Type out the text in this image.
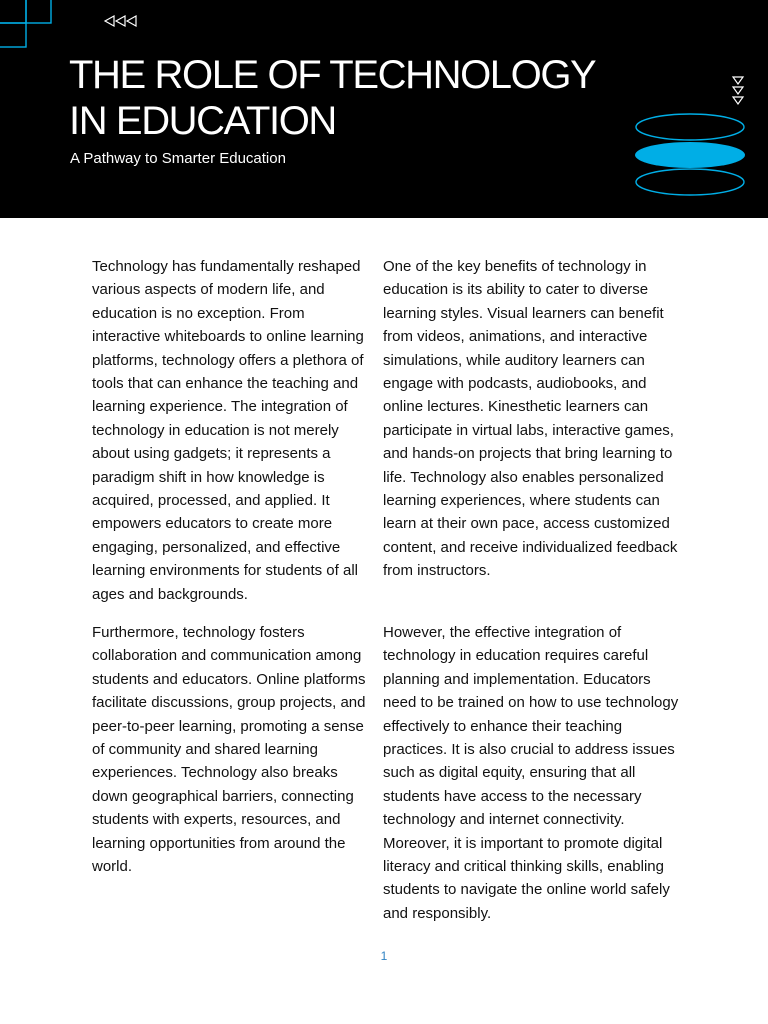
THE ROLE OF TECHNOLOGY
IN EDUCATION

A Pathway to Smarter Education

Technology has fundamentally reshaped various aspects of modern life, and education is no exception. From interactive whiteboards to online learning platforms, technology offers a plethora of tools that can enhance the teaching and learning experience. The integration of technology in education is not merely about using gadgets; it represents a paradigm shift in how knowledge is acquired, processed, and applied. It empowers educators to create more engaging, personalized, and effective learning environments for students of all ages and backgrounds.

One of the key benefits of technology in education is its ability to cater to diverse learning styles. Visual learners can benefit from videos, animations, and interactive simulations, while auditory learners can engage with podcasts, audiobooks, and online lectures. Kinesthetic learners can participate in virtual labs, interactive games, and hands-on projects that bring learning to life. Technology also enables personalized learning experiences, where students can learn at their own pace, access customized content, and receive individualized feedback from instructors.

Furthermore, technology fosters collaboration and communication among students and educators. Online platforms facilitate discussions, group projects, and peer-to-peer learning, promoting a sense of community and shared learning experiences. Technology also breaks down geographical barriers, connecting students with experts, resources, and learning opportunities from around the world.

However, the effective integration of technology in education requires careful planning and implementation. Educators need to be trained on how to use technology effectively to enhance their teaching practices. It is also crucial to address issues such as digital equity, ensuring that all students have access to the necessary technology and internet connectivity. Moreover, it is important to promote digital literacy and critical thinking skills, enabling students to navigate the online world safely and responsibly.

1
